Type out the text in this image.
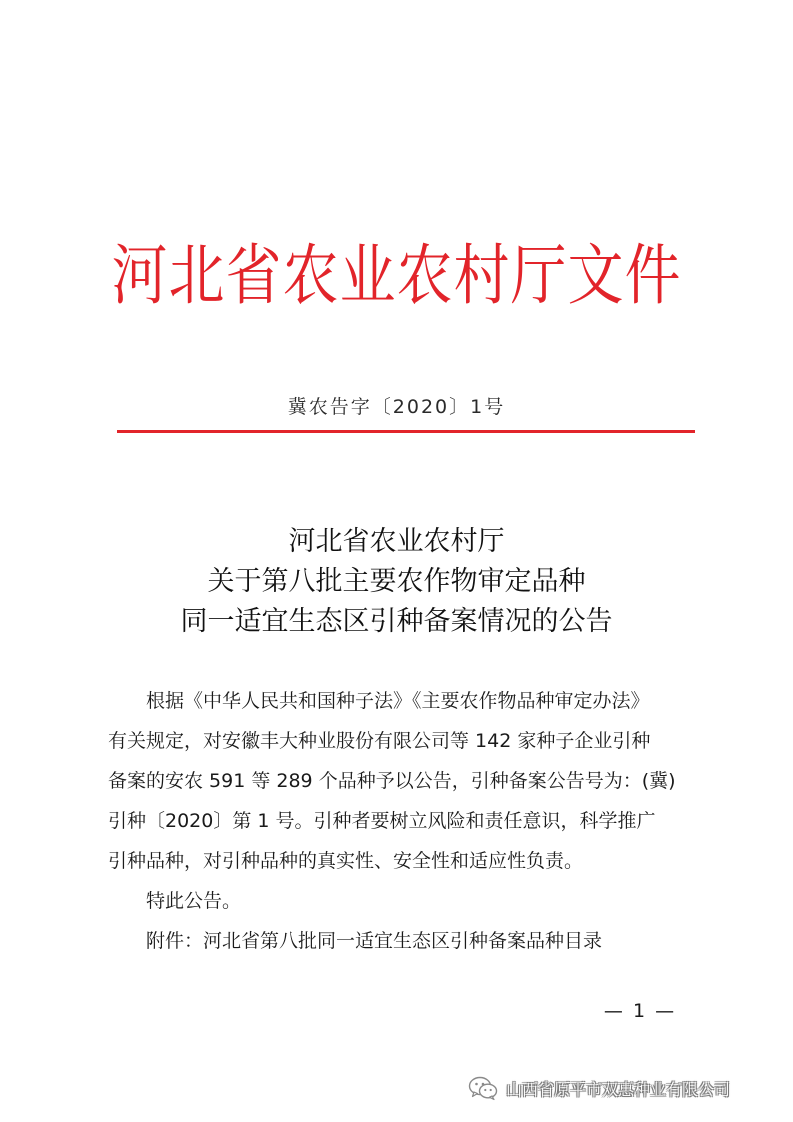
河北省农业农村厅文件
冀农告字〔2020〕1号
河北省农业农村厅
关于第八批主要农作物审定品种
同一适宜生态区引种备案情况的公告
根据《中华人民共和国种子法》《主要农作物品种审定办法》
有关规定，对安徽丰大种业股份有限公司等 142 家种子企业引种
备案的安农 591 等 289 个品种予以公告，引种备案公告号为：(冀)
引种〔2020〕第 1 号。引种者要树立风险和责任意识，科学推广
引种品种，对引种品种的真实性、安全性和适应性负责。
特此公告。
附件：河北省第八批同一适宜生态区引种备案品种目录
— 1 —
山西省原平市双惠种业有限公司
